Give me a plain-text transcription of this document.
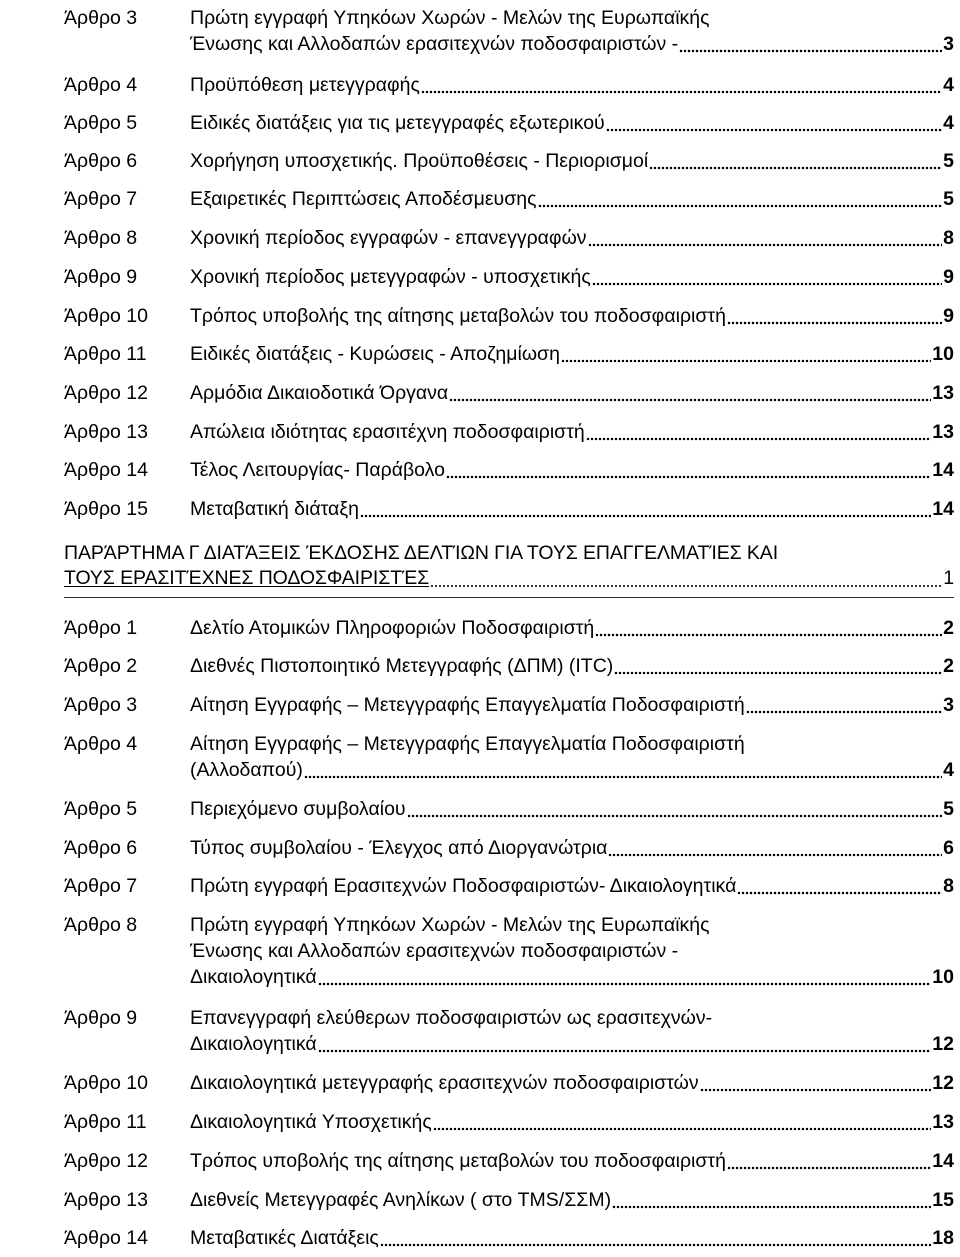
Άρθρο 3	Πρώτη εγγραφή Υπηκόων Χωρών - Μελών της Ευρωπαϊκής
Ένωσης και Αλλοδαπών ερασιτεχνών ποδοσφαιριστών -	3
Άρθρο 4	Προϋπόθεση μετεγγραφής	4
Άρθρο 5	Ειδικές διατάξεις για τις μετεγγραφές εξωτερικού	4
Άρθρο 6	Χορήγηση υποσχετικής. Προϋποθέσεις - Περιορισμοί	5
Άρθρο 7	Εξαιρετικές Περιπτώσεις Αποδέσμευσης	5
Άρθρο 8	Χρονική περίοδος εγγραφών - επανεγγραφών	8
Άρθρο 9	Χρονική περίοδος μετεγγραφών - υποσχετικής	9
Άρθρο 10 Τρόπος υποβολής της αίτησης μεταβολών του ποδοσφαιριστή	9
Άρθρο 11 Ειδικές διατάξεις - Κυρώσεις - Αποζημίωση	10
Άρθρο 12 Αρμόδια Δικαιοδοτικά Όργανα	13
Άρθρο 13 Απώλεια ιδιότητας ερασιτέχνη ποδοσφαιριστή	13
Άρθρο 14 Τέλος Λειτουργίας- Παράβολο	14
Άρθρο 15 Μεταβατική διάταξη	14
ΠΑΡΆΡΤΗΜΑ Γ ΔΙΑΤΆΞΕΙΣ ΈΚΔΟΣΗΣ ΔΕΛΤΊΩΝ ΓΙΑ ΤΟΥΣ ΕΠΑΓΓΕΛΜΑΤΊΕΣ ΚΑΙ
ΤΟΥΣ ΕΡΑΣΙΤΈΧΝΕΣ ΠΟΔΟΣΦΑΙΡΙΣΤΈΣ	1
Άρθρο 1	Δελτίο Ατομικών Πληροφοριών Ποδοσφαιριστή	2
Άρθρο 2	Διεθνές Πιστοποιητικό Μετεγγραφής (ΔΠΜ) (ITC)	2
Άρθρο 3	Αίτηση Εγγραφής – Μετεγγραφής Επαγγελματία Ποδοσφαιριστή	3
Άρθρο 4	Αίτηση Εγγραφής – Μετεγγραφής Επαγγελματία Ποδοσφαιριστή
(Αλλοδαπού)	4
Άρθρο 5	Περιεχόμενο συμβολαίου	5
Άρθρο 6	Τύπος συμβολαίου - Έλεγχος από Διοργανώτρια	6
Άρθρο 7	Πρώτη εγγραφή Ερασιτεχνών Ποδοσφαιριστών- Δικαιολογητικά	8
Άρθρο 8	Πρώτη εγγραφή Υπηκόων Χωρών - Μελών της Ευρωπαϊκής
Ένωσης και Αλλοδαπών ερασιτεχνών ποδοσφαιριστών -
Δικαιολογητικά	10
Άρθρο 9	Επανεγγραφή ελεύθερων ποδοσφαιριστών ως ερασιτεχνών-
Δικαιολογητικά	12
Άρθρο 10 Δικαιολογητικά μετεγγραφής ερασιτεχνών ποδοσφαιριστών	12
Άρθρο 11 Δικαιολογητικά Υποσχετικής	13
Άρθρο 12 Τρόπος υποβολής της αίτησης μεταβολών του ποδοσφαιριστή	14
Άρθρο 13 Διεθνείς Μετεγγραφές Ανηλίκων ( στο TMS/ΣΣΜ)	15
Άρθρο 14 Μεταβατικές Διατάξεις	18
